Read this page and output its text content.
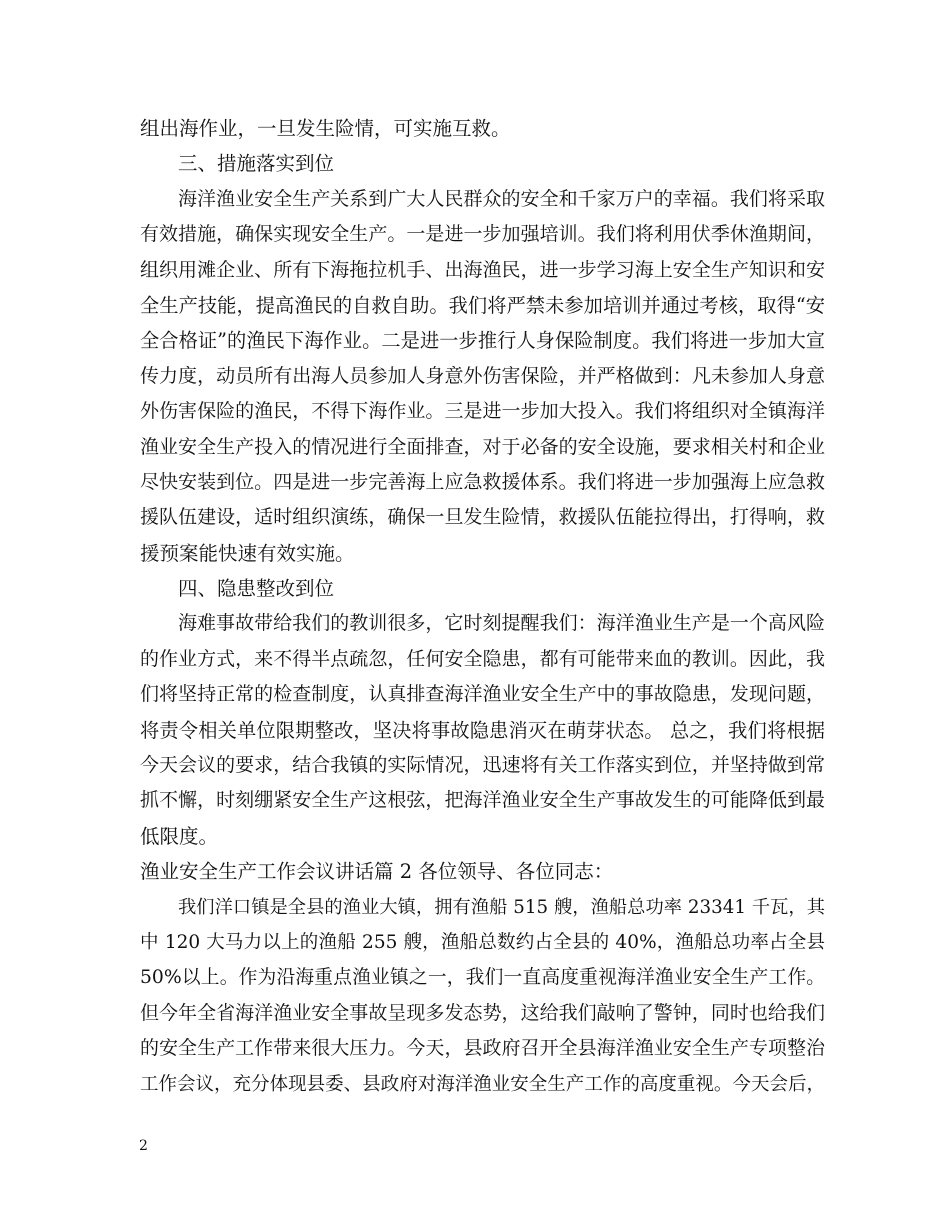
组出海作业，一旦发生险情，可实施互救。
三、措施落实到位
海洋渔业安全生产关系到广大人民群众的安全和千家万户的幸福。我们将采取
有效措施，确保实现安全生产。一是进一步加强培训。我们将利用伏季休渔期间，
组织用滩企业、所有下海拖拉机手、出海渔民，进一步学习海上安全生产知识和安
全生产技能，提高渔民的自救自助。我们将严禁未参加培训并通过考核，取得“安
全合格证”的渔民下海作业。二是进一步推行人身保险制度。我们将进一步加大宣
传力度，动员所有出海人员参加人身意外伤害保险，并严格做到：凡未参加人身意
外伤害保险的渔民，不得下海作业。三是进一步加大投入。我们将组织对全镇海洋
渔业安全生产投入的情况进行全面排查，对于必备的安全设施，要求相关村和企业
尽快安装到位。四是进一步完善海上应急救援体系。我们将进一步加强海上应急救
援队伍建设，适时组织演练，确保一旦发生险情，救援队伍能拉得出，打得响，救
援预案能快速有效实施。
四、隐患整改到位
海难事故带给我们的教训很多，它时刻提醒我们：海洋渔业生产是一个高风险
的作业方式，来不得半点疏忽，任何安全隐患，都有可能带来血的教训。因此，我
们将坚持正常的检查制度，认真排查海洋渔业安全生产中的事故隐患，发现问题，
将责令相关单位限期整改，坚决将事故隐患消灭在萌芽状态。 总之，我们将根据
今天会议的要求，结合我镇的实际情况，迅速将有关工作落实到位，并坚持做到常
抓不懈，时刻绷紧安全生产这根弦，把海洋渔业安全生产事故发生的可能降低到最
低限度。
渔业安全生产工作会议讲话篇 2 各位领导、各位同志：
我们洋口镇是全县的渔业大镇，拥有渔船 515 艘，渔船总功率 23341 千瓦，其
中 120 大马力以上的渔船 255 艘，渔船总数约占全县的 40%，渔船总功率占全县
50%以上。作为沿海重点渔业镇之一，我们一直高度重视海洋渔业安全生产工作。
但今年全省海洋渔业安全事故呈现多发态势，这给我们敲响了警钟，同时也给我们
的安全生产工作带来很大压力。今天，县政府召开全县海洋渔业安全生产专项整治
工作会议，充分体现县委、县政府对海洋渔业安全生产工作的高度重视。今天会后，
2
